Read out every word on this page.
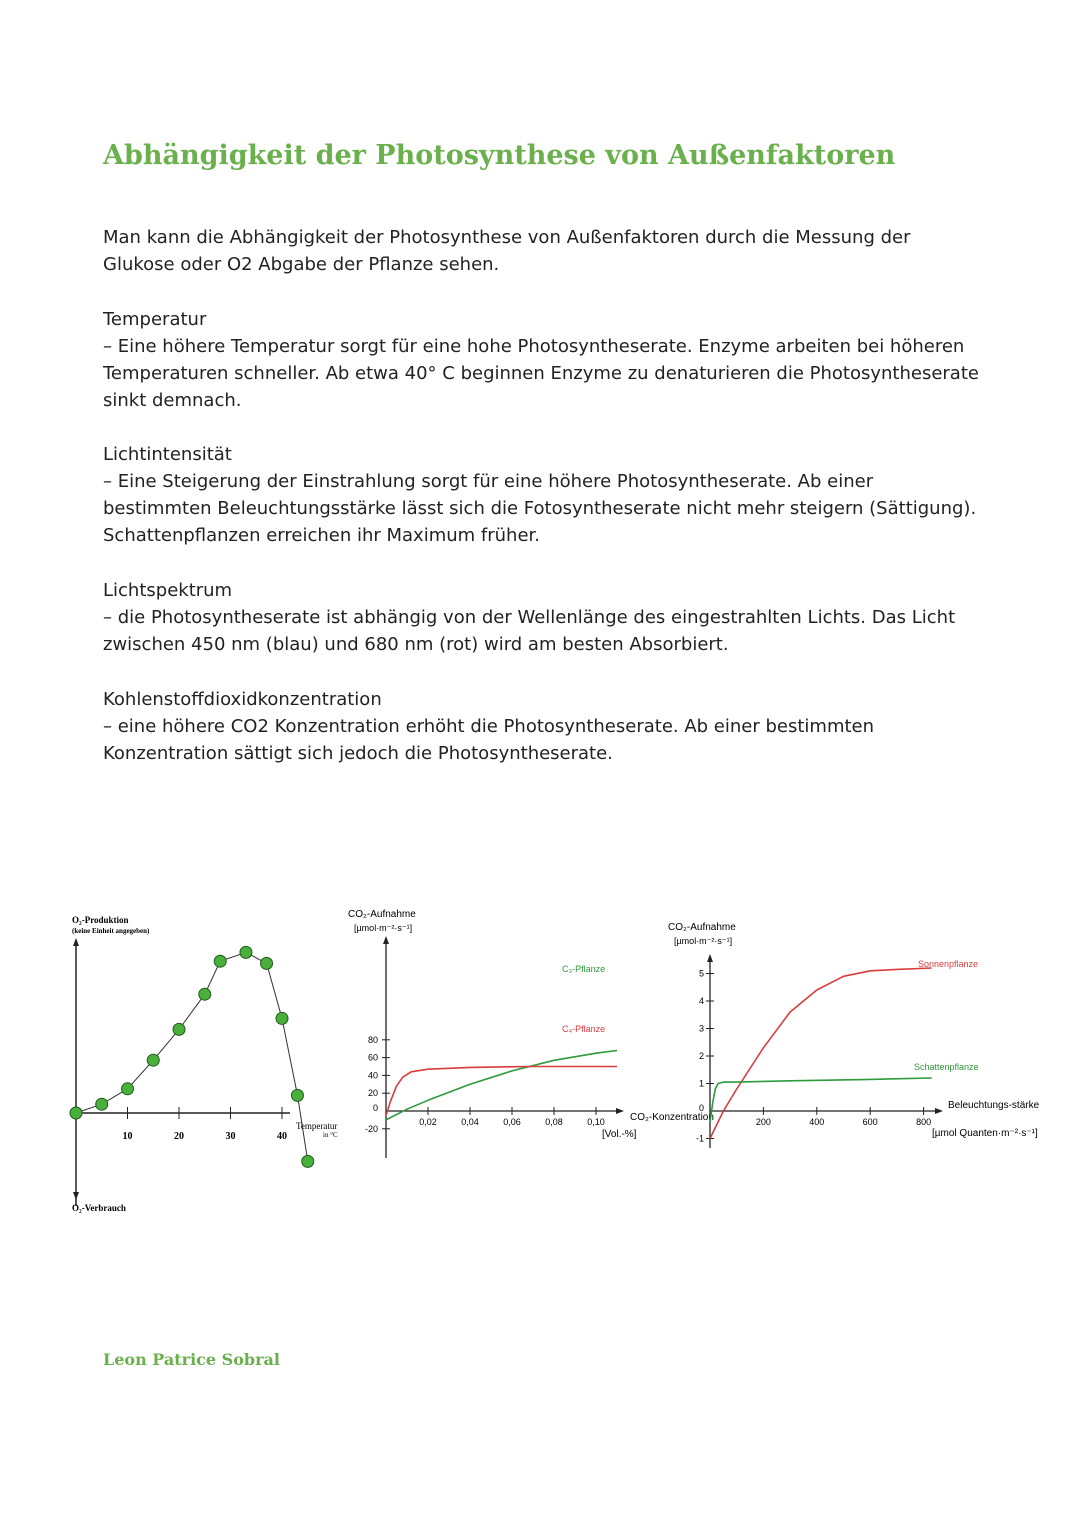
Abhängigkeit der Photosynthese von Außenfaktoren

Man kann die Abhängigkeit der Photosynthese von Außenfaktoren durch die Messung der
Glukose oder O2 Abgabe der Pflanze sehen.

Temperatur
– Eine höhere Temperatur sorgt für eine hohe Photosyntheserate. Enzyme arbeiten bei höheren
Temperaturen schneller. Ab etwa 40° C beginnen Enzyme zu denaturieren die Photosyntheserate
sinkt demnach.

Lichtintensität
– Eine Steigerung der Einstrahlung sorgt für eine höhere Photosyntheserate. Ab einer
bestimmten Beleuchtungsstärke lässt sich die Fotosyntheserate nicht mehr steigern (Sättigung).
Schattenpflanzen erreichen ihr Maximum früher.

Lichtspektrum
– die Photosyntheserate ist abhängig von der Wellenlänge des eingestrahlten Lichts. Das Licht
zwischen 450 nm (blau) und 680 nm (rot) wird am besten Absorbiert.

Kohlenstoffdioxidkonzentration
– eine höhere CO2 Konzentration erhöht die Photosyntheserate. Ab einer bestimmten
Konzentration sättigt sich jedoch die Photosyntheserate.

10	20	30	40
O₂-Produktion
(keine Einheit angegeben)
O₂-Verbrauch
Temperatur
in °C
-20
0
20
40
60
80
0,02	0,04	0,06	0,08	0,10
C₃-Pflanze
C₄-Pflanze
CO₂-Aufnahme
[µmol·m⁻²·s⁻¹]
CO₂-Konzentration
[Vol.-%]	-1
0
1
2
3
4
5
200	400	600	800
Sonnenpflanze
Schattenpflanze
CO₂-Aufnahme
[µmol·m⁻²·s⁻¹]
Beleuchtungs-stärke
[µmol Quanten·m⁻²·s⁻¹]

Leon Patrice Sobral
